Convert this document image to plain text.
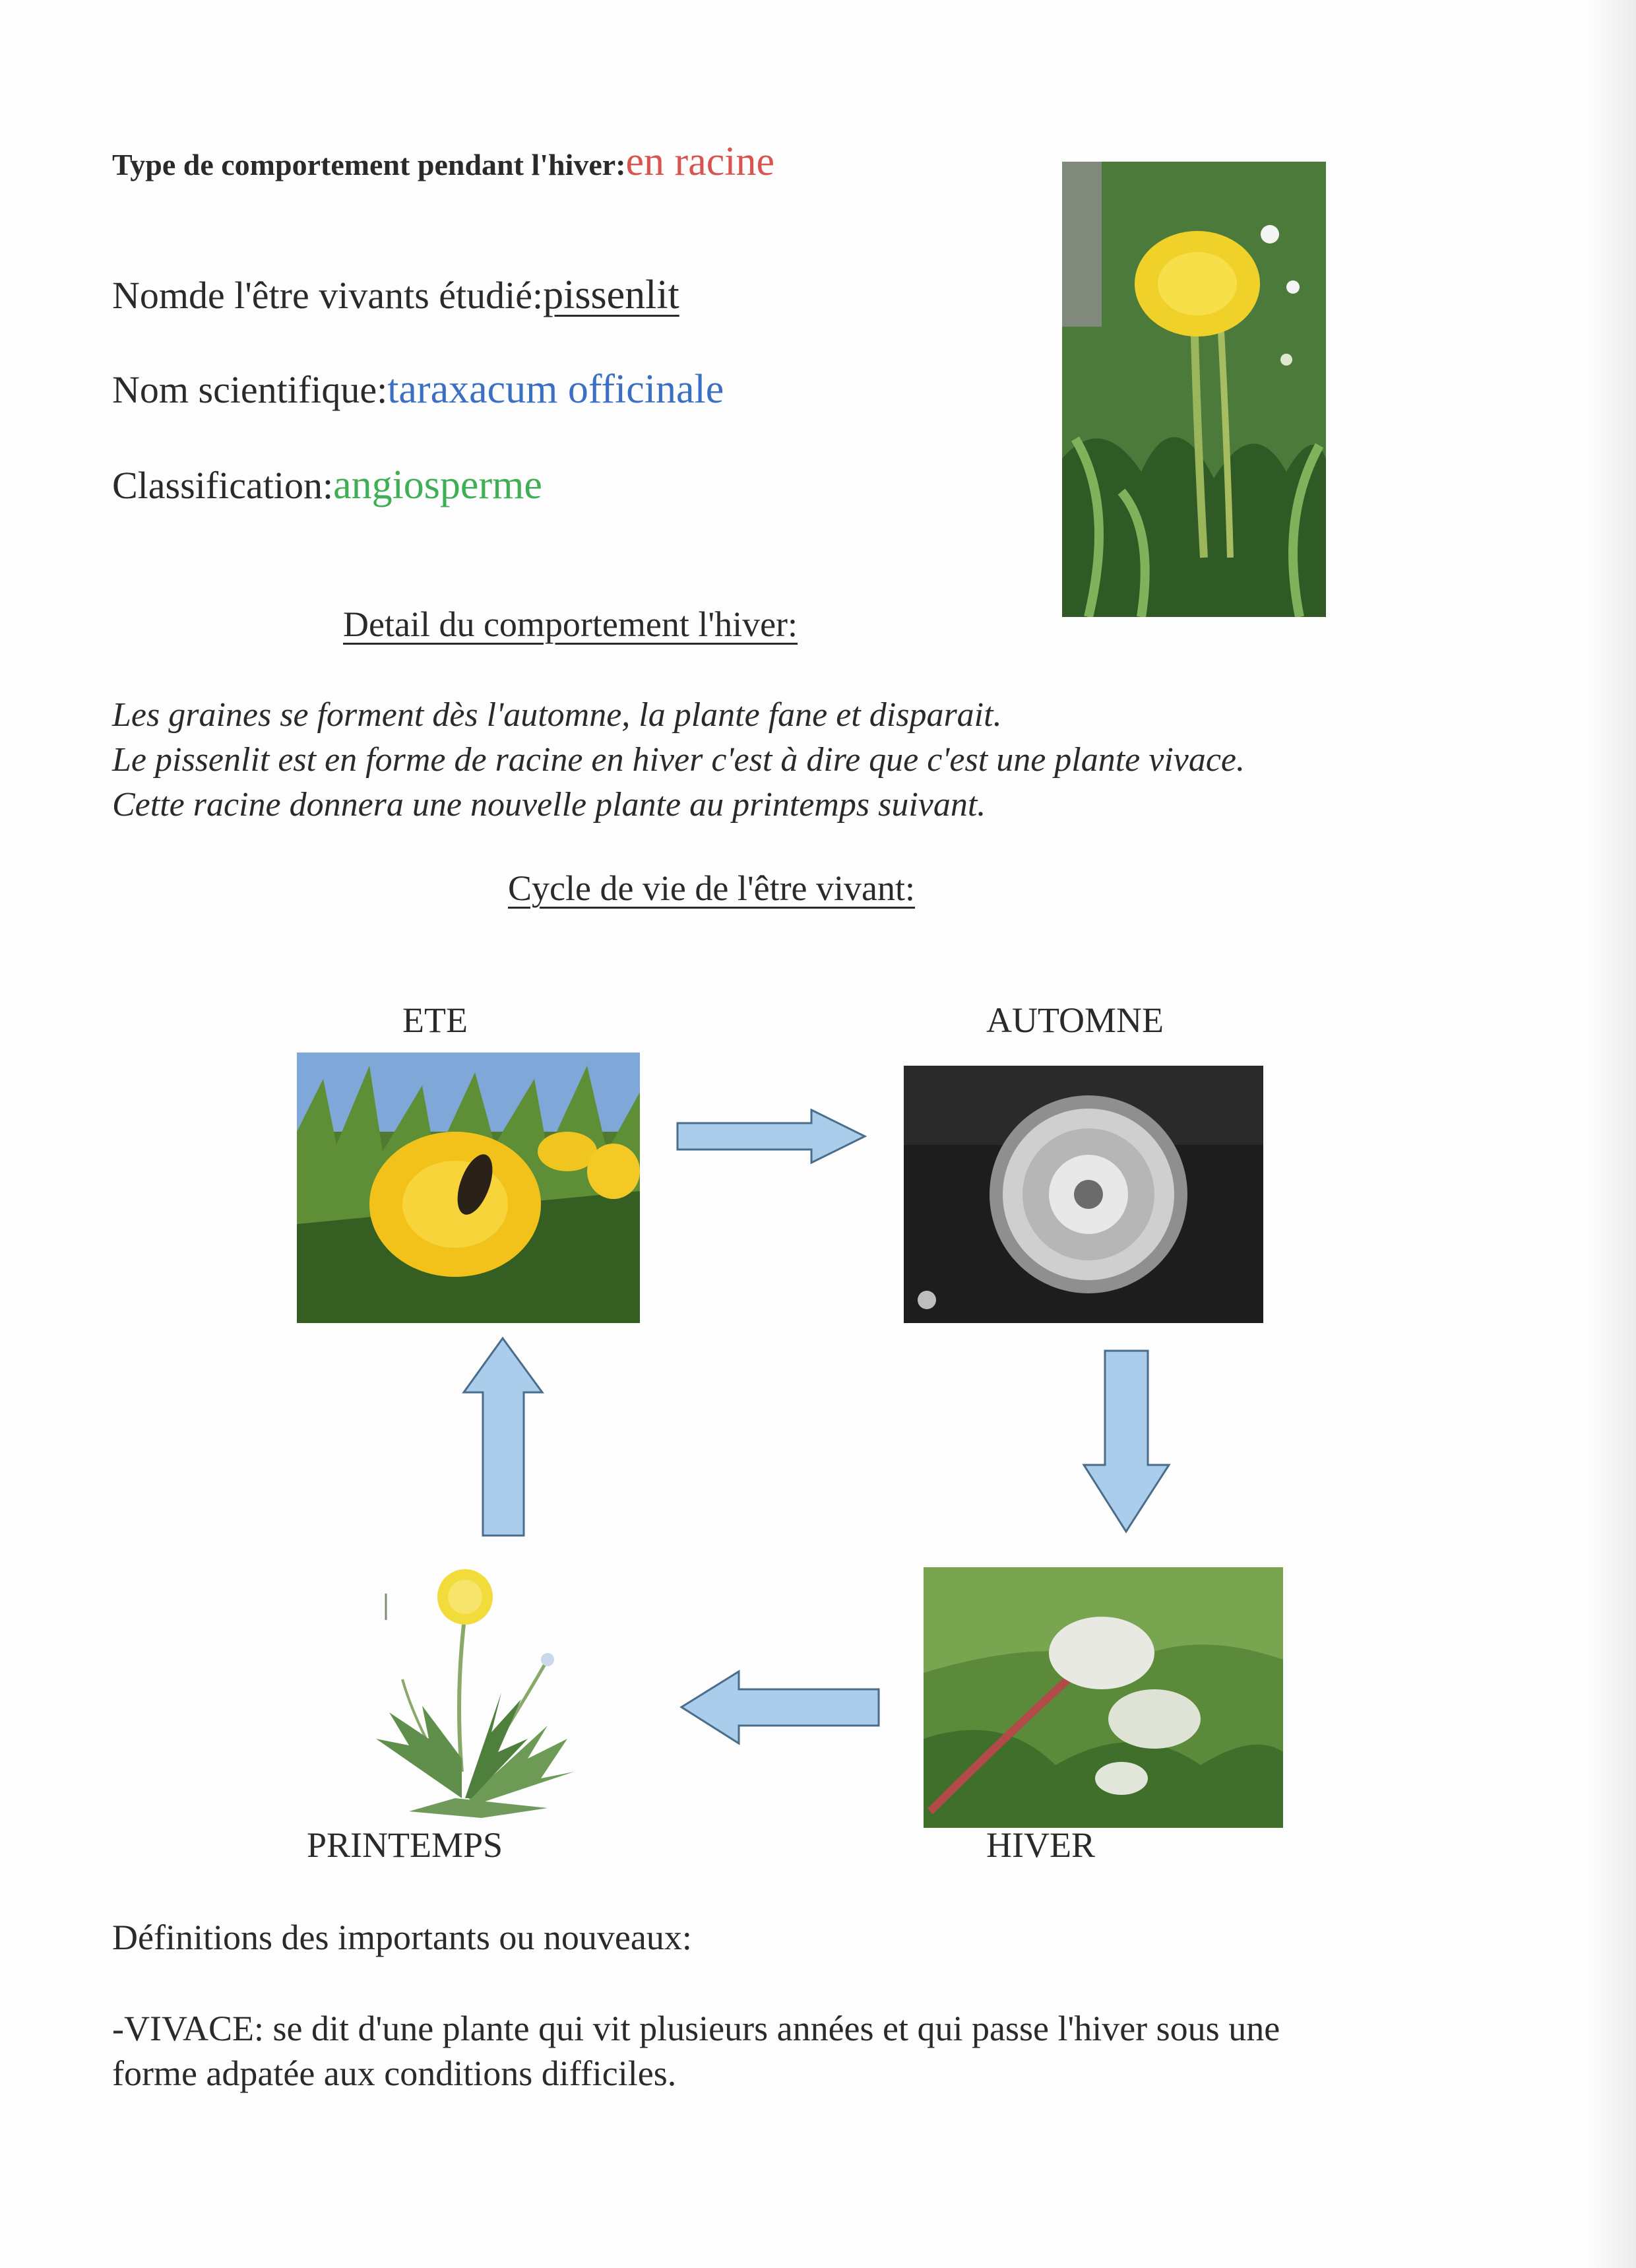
Type de comportement pendant l'hiver:en racine
Nomde l'être vivants étudié:pissenlit
Nom scientifique:taraxacum officinale
Classification:angiosperme
Detail du comportement l'hiver:
Les graines se forment dès l'automne, la plante fane et disparait.
Le pissenlit est en forme de racine en hiver c'est à dire que c'est une plante vivace.
Cette racine donnera une nouvelle plante au printemps suivant.
Cycle de vie de l'être vivant:
ETE	AUTOMNE
HIVER
PRINTEMPS
Définitions des importants ou nouveaux:
-VIVACE: se dit d'une plante qui vit plusieurs années et qui passe l'hiver sous une
forme adpatée aux conditions difficiles.
